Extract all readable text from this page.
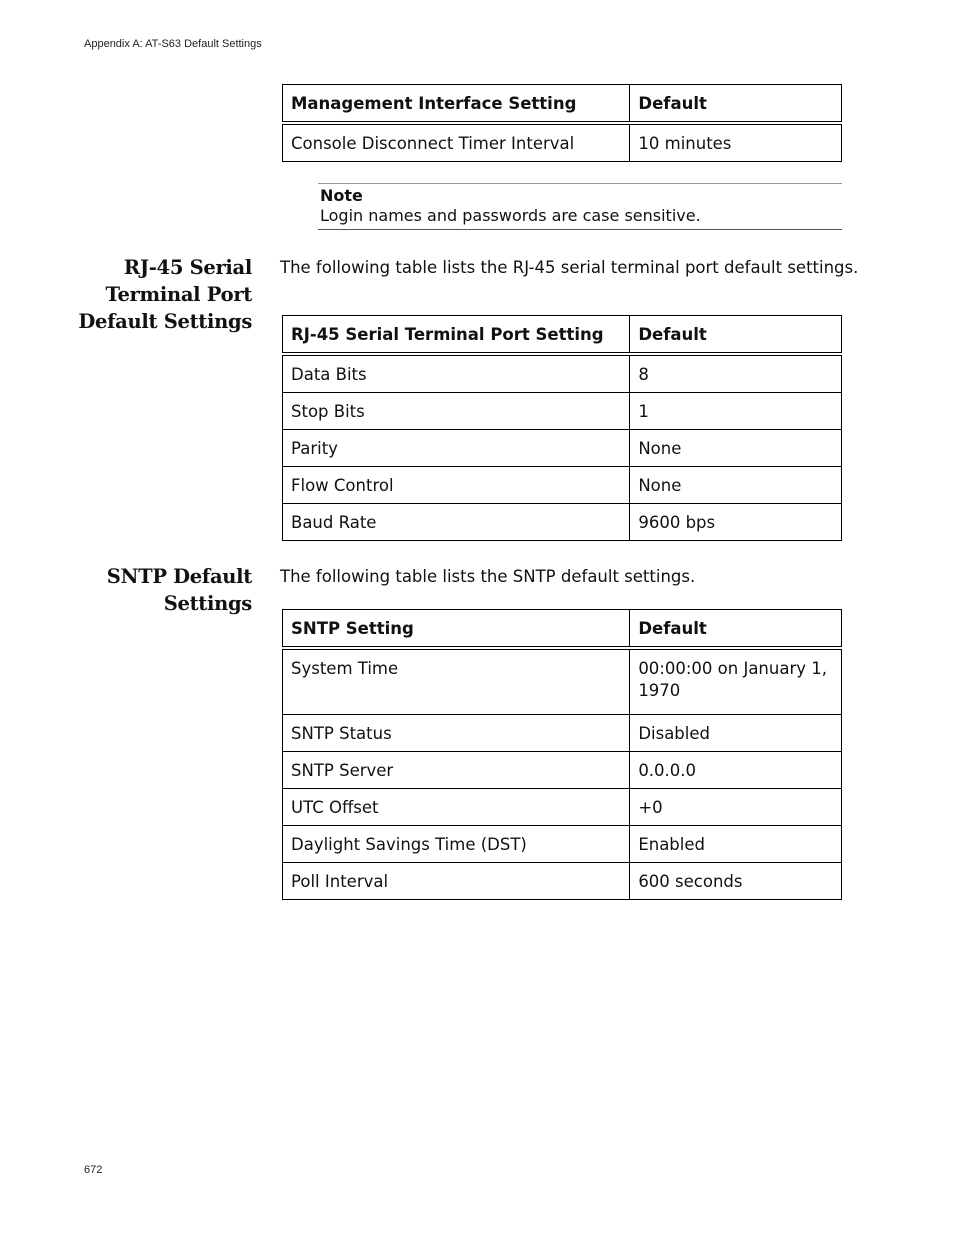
Appendix A: AT-S63 Default Settings
Management Interface Setting	Default
Console Disconnect Timer Interval	10 minutes
Note
Login names and passwords are case sensitive.
RJ-45 Serial
Terminal Port
Default Settings
The following table lists the RJ-45 serial terminal port default settings.
RJ-45 Serial Terminal Port Setting	Default
Data Bits	8
Stop Bits	1
Parity	None
Flow Control	None
Baud Rate	9600 bps
SNTP Default
Settings
The following table lists the SNTP default settings.
SNTP Setting	Default
System Time	00:00:00 on January 1, 1970
SNTP Status	Disabled
SNTP Server	0.0.0.0
UTC Offset	+0
Daylight Savings Time (DST)	Enabled
Poll Interval	600 seconds
672
